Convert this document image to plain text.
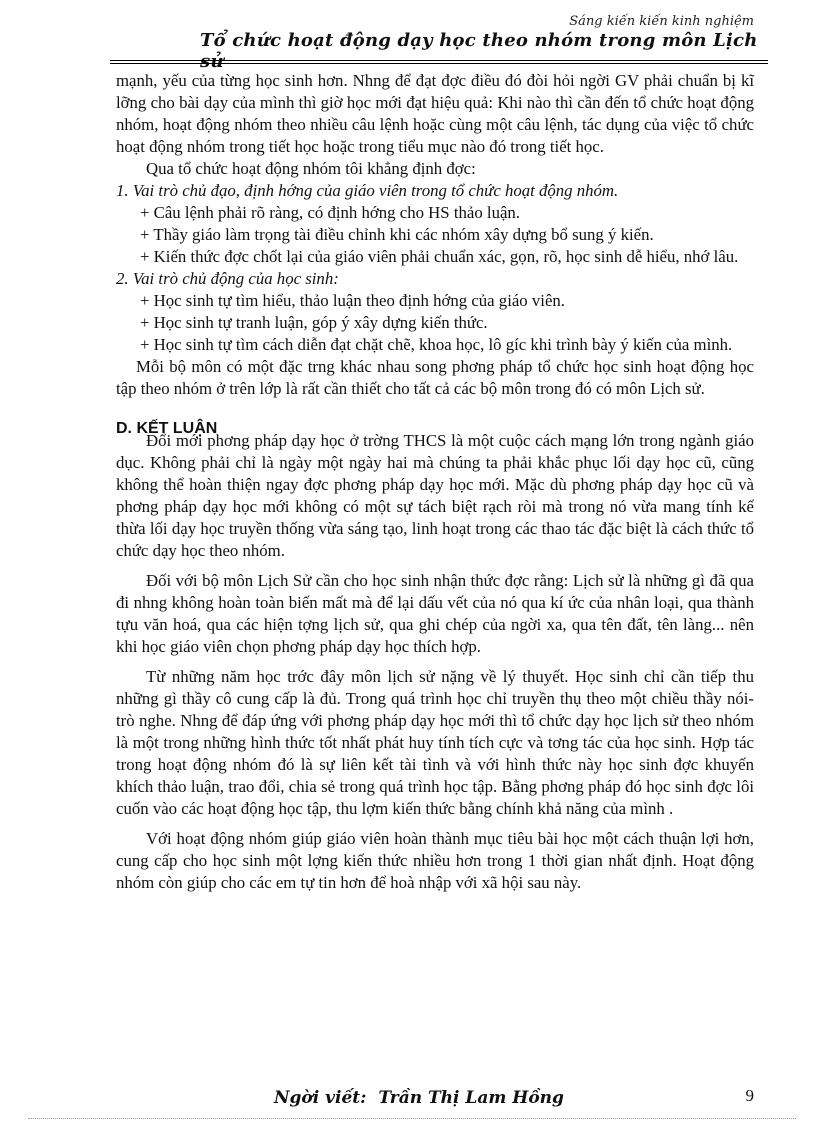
Sáng kiến kiến kinh nghiệm
Tổ chức hoạt động dạy học theo nhóm trong môn Lịch sử

mạnh, yếu của từng học sinh hơn. Nhng để đạt đợc điều đó đòi hỏi ngời GV phải chuẩn bị kĩ lỡng cho bài dạy của mình thì giờ học mới đạt hiệu quả: Khi nào thì cần đến tổ chức hoạt động nhóm, hoạt động nhóm theo nhiều câu lệnh hoặc cùng một câu lệnh, tác dụng của việc tổ chức hoạt động nhóm trong tiết học hoặc trong tiểu mục nào đó trong tiết học.

Qua tổ chức hoạt động nhóm tôi khẳng định đợc:

1. Vai trò chủ đạo, định hớng của giáo viên trong tổ chức hoạt động nhóm.

+ Câu lệnh phải rõ ràng, có định hớng cho HS thảo luận.

+ Thầy giáo làm trọng tài điều chỉnh khi các nhóm xây dựng bổ sung ý kiến.

+ Kiến thức đợc chốt lại của giáo viên phải chuẩn xác, gọn, rõ, học sinh dễ hiểu, nhớ lâu.

2. Vai trò chủ động của học sinh:

+ Học sinh tự tìm hiểu, thảo luận theo định hớng của giáo viên.

+ Học sinh tự tranh luận, góp ý xây dựng kiến thức.

+ Học sinh tự tìm cách diễn đạt chặt chẽ, khoa học, lô gíc khi trình bày ý kiến của mình.

Mỗi bộ môn có một đặc trng khác nhau song phơng pháp tổ chức học sinh hoạt động học tập theo nhóm ở trên lớp là rất cần thiết cho tất cả các bộ môn trong đó có môn Lịch sử.

D. KẾT LUẬN

Đổi mới phơng pháp dạy học ở trờng THCS là một cuộc cách mạng lớn trong ngành giáo dục. Không phải chỉ là ngày một ngày hai mà chúng ta phải khắc phục lối dạy học cũ, cũng không thể hoàn thiện ngay đợc phơng pháp dạy học mới. Mặc dù phơng pháp dạy học cũ và phơng pháp dạy học mới không có một sự tách biệt rạch ròi mà trong nó vừa mang tính kế thừa lối dạy học truyền thống vừa sáng tạo, linh hoạt trong các thao tác đặc biệt là cách thức tổ chức dạy học theo nhóm.

Đối với bộ môn Lịch Sử cần cho học sinh nhận thức đợc rằng: Lịch sử là những gì đã qua đi nhng không hoàn toàn biến mất mà để lại dấu vết của nó qua kí ức của nhân loại, qua thành tựu văn hoá, qua các hiện tợng lịch sử, qua ghi chép của ngời xa, qua tên đất, tên làng... nên khi học giáo viên chọn phơng pháp dạy học thích hợp.

Từ những năm học trớc đây môn lịch sử nặng về lý thuyết. Học sinh chỉ cần tiếp thu những gì thầy cô cung cấp là đủ. Trong quá trình học chỉ truyền thụ theo một chiều thầy nói- trò nghe. Nhng để đáp ứng với phơng pháp dạy học mới thì tổ chức dạy học lịch sử theo nhóm là một trong những hình thức tốt nhất phát huy tính tích cực và tơng tác của học sinh. Hợp tác trong hoạt động nhóm đó là sự liên kết tài tình và với hình thức này học sinh đợc khuyến khích thảo luận, trao đổi, chia sẻ trong quá trình học tập. Bằng phơng pháp đó học sinh đợc lôi cuốn vào các hoạt động học tập, thu lợm kiến thức bằng chính khả năng của mình .

Với hoạt động nhóm giúp giáo viên hoàn thành mục tiêu bài học một cách thuận lợi hơn, cung cấp cho học sinh một lợng kiến thức nhiều hơn trong 1 thời gian nhất định. Hoạt động nhóm còn giúp cho các em tự tin hơn để hoà nhập với xã hội sau này.

Ngời viết: Trần Thị Lam Hồng	9
